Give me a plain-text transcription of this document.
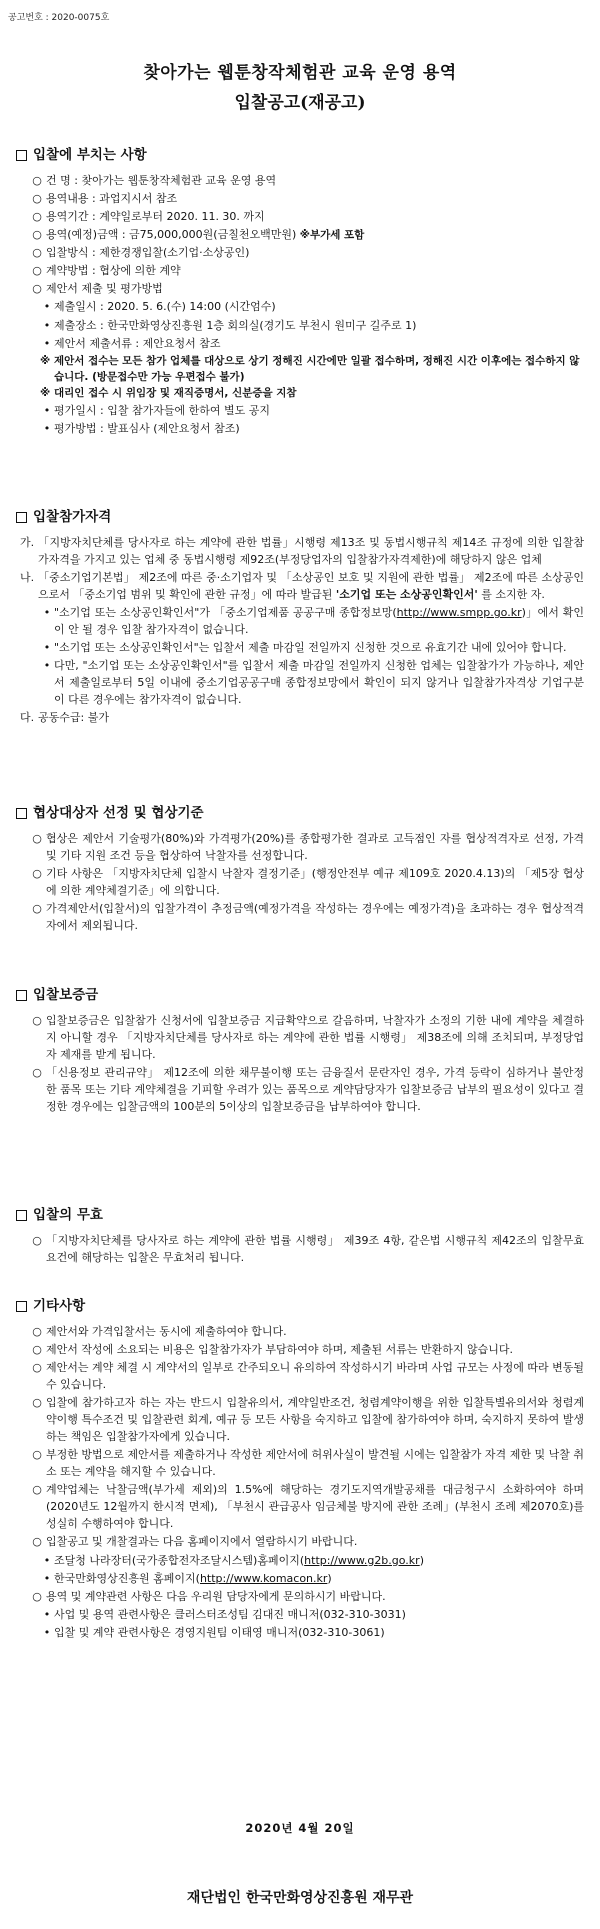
공고번호 : 2020-0075호
찾아가는 웹툰창작체험관 교육 운영 용역
입찰공고(재공고)
입찰에 부치는 사항
○ 건 명 : 찾아가는 웹툰창작체험관 교육 운영 용역
○ 용역내용 : 과업지시서 참조
○ 용역기간 : 계약일로부터 2020. 11. 30. 까지
○ 용역(예정)금액 : 금75,000,000원(금칠천오백만원) ※부가세 포함
○ 입찰방식 : 제한경쟁입찰(소기업·소상공인)
○ 계약방법 : 협상에 의한 계약
○ 제안서 제출 및 평가방법
• 제출일시 : 2020. 5. 6.(수) 14:00 (시간엄수)
• 제출장소 : 한국만화영상진흥원 1층 회의실(경기도 부천시 원미구 길주로 1)
• 제안서 제출서류 : 제안요청서 참조
※ 제안서 접수는 모든 참가 업체를 대상으로 상기 정해진 시간에만 일괄 접수하며, 정해진 시간 이후에는 접수하지 않습니다. (방문접수만 가능 우편접수 불가)
※ 대리인 접수 시 위임장 및 재직증명서, 신분증을 지참
• 평가일시 : 입찰 참가자들에 한하여 별도 공지
• 평가방법 : 발표심사 (제안요청서 참조)
입찰참가자격
가. 「지방자치단체를 당사자로 하는 계약에 관한 법률」시행령 제13조 및 동법시행규칙 제14조 규정에 의한 입찰참가자격을 가지고 있는 업체 중 동법시행령 제92조(부정당업자의 입찰참가자격제한)에 해당하지 않은 업체
나. 「중소기업기본법」 제2조에 따른 중·소기업자 및 「소상공인 보호 및 지원에 관한 법률」 제2조에 따른 소상공인으로서 「중소기업 범위 및 확인에 관한 규정」에 따라 발급된 '소기업 또는 소상공인확인서' 를 소지한 자.
• "소기업 또는 소상공인확인서"가 「중소기업제품 공공구매 종합정보망(http://www.smpp.go.kr)」에서 확인이 안 될 경우 입찰 참가자격이 없습니다.
• "소기업 또는 소상공인확인서"는 입찰서 제출 마감일 전일까지 신청한 것으로 유효기간 내에 있어야 합니다.
• 다만, "소기업 또는 소상공인확인서"를 입찰서 제출 마감일 전일까지 신청한 업체는 입찰참가가 가능하나, 제안서 제출일로부터 5일 이내에 중소기업공공구매 종합정보망에서 확인이 되지 않거나 입찰참가자격상 기업구분이 다른 경우에는 참가자격이 없습니다.
다. 공동수급: 불가
협상대상자 선정 및 협상기준
○ 협상은 제안서 기술평가(80%)와 가격평가(20%)를 종합평가한 결과로 고득점인 자를 협상적격자로 선정, 가격 및 기타 지원 조건 등을 협상하여 낙찰자를 선정합니다.
○ 기타 사항은 「지방자치단체 입찰시 낙찰자 결정기준」(행정안전부 예규 제109호 2020.4.13)의 「제5장 협상에 의한 계약체결기준」에 의합니다.
○ 가격제안서(입찰서)의 입찰가격이 추정금액(예정가격을 작성하는 경우에는 예정가격)을 초과하는 경우 협상적격자에서 제외됩니다.
입찰보증금
○ 입찰보증금은 입찰참가 신청서에 입찰보증금 지급확약으로 갈음하며, 낙찰자가 소정의 기한 내에 계약을 체결하지 아니할 경우 「지방자치단체를 당사자로 하는 계약에 관한 법률 시행령」 제38조에 의해 조치되며, 부정당업자 제재를 받게 됩니다.
○ 「신용정보 관리규약」 제12조에 의한 채무불이행 또는 금융질서 문란자인 경우, 가격 등락이 심하거나 불안정한 품목 또는 기타 계약체결을 기피할 우려가 있는 품목으로 계약담당자가 입찰보증금 납부의 필요성이 있다고 결정한 경우에는 입찰금액의 100분의 5이상의 입찰보증금을 납부하여야 합니다.
입찰의 무효
○ 「지방자치단체를 당사자로 하는 계약에 관한 법률 시행령」 제39조 4항, 같은법 시행규칙 제42조의 입찰무효 요건에 해당하는 입찰은 무효처리 됩니다.
기타사항
○ 제안서와 가격입찰서는 동시에 제출하여야 합니다.
○ 제안서 작성에 소요되는 비용은 입찰참가자가 부담하여야 하며, 제출된 서류는 반환하지 않습니다.
○ 제안서는 계약 체결 시 계약서의 일부로 간주되오니 유의하여 작성하시기 바라며 사업 규모는 사정에 따라 변동될 수 있습니다.
○ 입찰에 참가하고자 하는 자는 반드시 입찰유의서, 계약일반조건, 청렴계약이행을 위한 입찰특별유의서와 청렴계약이행 특수조건 및 입찰관련 회계, 예규 등 모든 사항을 숙지하고 입찰에 참가하여야 하며, 숙지하지 못하여 발생하는 책임은 입찰참가자에게 있습니다.
○ 부정한 방법으로 제안서를 제출하거나 작성한 제안서에 허위사실이 발견될 시에는 입찰참가 자격 제한 및 낙찰 취소 또는 계약을 해지할 수 있습니다.
○ 계약업체는 낙찰금액(부가세 제외)의 1.5%에 해당하는 경기도지역개발공채를 대금청구시 소화하여야 하며(2020년도 12월까지 한시적 면제), 「부천시 관급공사 임금체불 방지에 관한 조례」(부천시 조례 제2070호)를 성실히 수행하여야 합니다.
○ 입찰공고 및 개찰결과는 다음 홈페이지에서 열람하시기 바랍니다.
• 조달청 나라장터(국가종합전자조달시스템)홈페이지(http://www.g2b.go.kr)
• 한국만화영상진흥원 홈페이지(http://www.komacon.kr)
○ 용역 및 계약관련 사항은 다음 우리원 담당자에게 문의하시기 바랍니다.
• 사업 및 용역 관련사항은 클러스터조성팀 김대진 매니저(032-310-3031)
• 입찰 및 계약 관련사항은 경영지원팀 이태영 매니저(032-310-3061)
2020년 4월 20일
재단법인 한국만화영상진흥원 재무관
